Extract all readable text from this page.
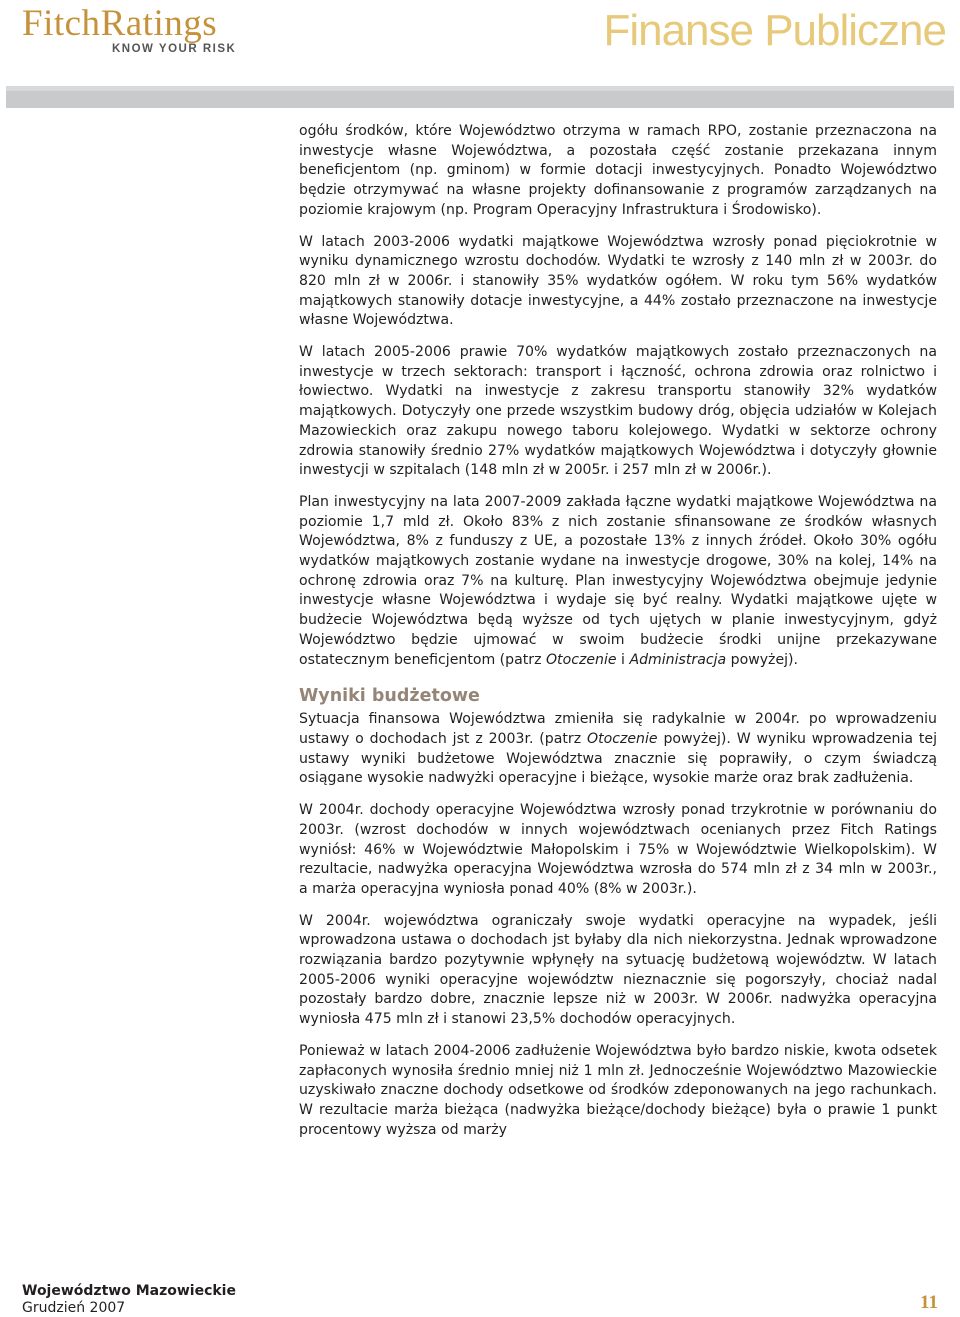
Fitch Ratings
KNOW YOUR RISK	Finanse Publiczne

ogółu środków, które Województwo otrzyma w ramach RPO, zostanie przeznaczona na inwestycje własne Województwa, a pozostała część zostanie przekazana innym beneficjentom (np. gminom) w formie dotacji inwestycyjnych. Ponadto Województwo będzie otrzymywać na własne projekty dofinansowanie z programów zarządzanych na poziomie krajowym (np. Program Operacyjny Infrastruktura i Środowisko).

W latach 2003-2006 wydatki majątkowe Województwa wzrosły ponad pięciokrotnie w wyniku dynamicznego wzrostu dochodów. Wydatki te wzrosły z 140 mln zł w 2003r. do 820 mln zł w 2006r. i stanowiły 35% wydatków ogółem. W roku tym 56% wydatków majątkowych stanowiły dotacje inwestycyjne, a 44% zostało przeznaczone na inwestycje własne Województwa.

W latach 2005-2006 prawie 70% wydatków majątkowych zostało przeznaczonych na inwestycje w trzech sektorach: transport i łączność, ochrona zdrowia oraz rolnictwo i łowiectwo. Wydatki na inwestycje z zakresu transportu stanowiły 32% wydatków majątkowych. Dotyczyły one przede wszystkim budowy dróg, objęcia udziałów w Kolejach Mazowieckich oraz zakupu nowego taboru kolejowego. Wydatki w sektorze ochrony zdrowia stanowiły średnio 27% wydatków majątkowych Województwa i dotyczyły głownie inwestycji w szpitalach (148 mln zł w 2005r. i 257 mln zł w 2006r.).

Plan inwestycyjny na lata 2007-2009 zakłada łączne wydatki majątkowe Województwa na poziomie 1,7 mld zł. Około 83% z nich zostanie sfinansowane ze środków własnych Województwa, 8% z funduszy z UE, a pozostałe 13% z innych źródeł. Około 30% ogółu wydatków majątkowych zostanie wydane na inwestycje drogowe, 30% na kolej, 14% na ochronę zdrowia oraz 7% na kulturę. Plan inwestycyjny Województwa obejmuje jedynie inwestycje własne Województwa i wydaje się być realny. Wydatki majątkowe ujęte w budżecie Województwa będą wyższe od tych ujętych w planie inwestycyjnym, gdyż Województwo będzie ujmować w swoim budżecie środki unijne przekazywane ostatecznym beneficjentom (patrz Otoczenie i Administracja powyżej).

Wyniki budżetowe

Sytuacja finansowa Województwa zmieniła się radykalnie w 2004r. po wprowadzeniu ustawy o dochodach jst z 2003r. (patrz Otoczenie powyżej). W wyniku wprowadzenia tej ustawy wyniki budżetowe Województwa znacznie się poprawiły, o czym świadczą osiągane wysokie nadwyżki operacyjne i bieżące, wysokie marże oraz brak zadłużenia.

W 2004r. dochody operacyjne Województwa wzrosły ponad trzykrotnie w porównaniu do 2003r. (wzrost dochodów w innych województwach ocenianych przez Fitch Ratings wyniósł: 46% w Województwie Małopolskim i 75% w Województwie Wielkopolskim). W rezultacie, nadwyżka operacyjna Województwa wzrosła do 574 mln zł z 34 mln w 2003r., a marża operacyjna wyniosła ponad 40% (8% w 2003r.).

W 2004r. województwa ograniczały swoje wydatki operacyjne na wypadek, jeśli wprowadzona ustawa o dochodach jst byłaby dla nich niekorzystna. Jednak wprowadzone rozwiązania bardzo pozytywnie wpłynęły na sytuację budżetową województw. W latach 2005-2006 wyniki operacyjne województw nieznacznie się pogorszyły, chociaż nadal pozostały bardzo dobre, znacznie lepsze niż w 2003r. W 2006r. nadwyżka operacyjna wyniosła 475 mln zł i stanowi 23,5% dochodów operacyjnych.

Ponieważ w latach 2004-2006 zadłużenie Województwa było bardzo niskie, kwota odsetek zapłaconych wynosiła średnio mniej niż 1 mln zł. Jednocześnie Województwo Mazowieckie uzyskiwało znaczne dochody odsetkowe od środków zdeponowanych na jego rachunkach. W rezultacie marża bieżąca (nadwyżka bieżące/dochody bieżące) była o prawie 1 punkt procentowy wyższa od marży

Województwo Mazowieckie
Grudzień 2007	11
